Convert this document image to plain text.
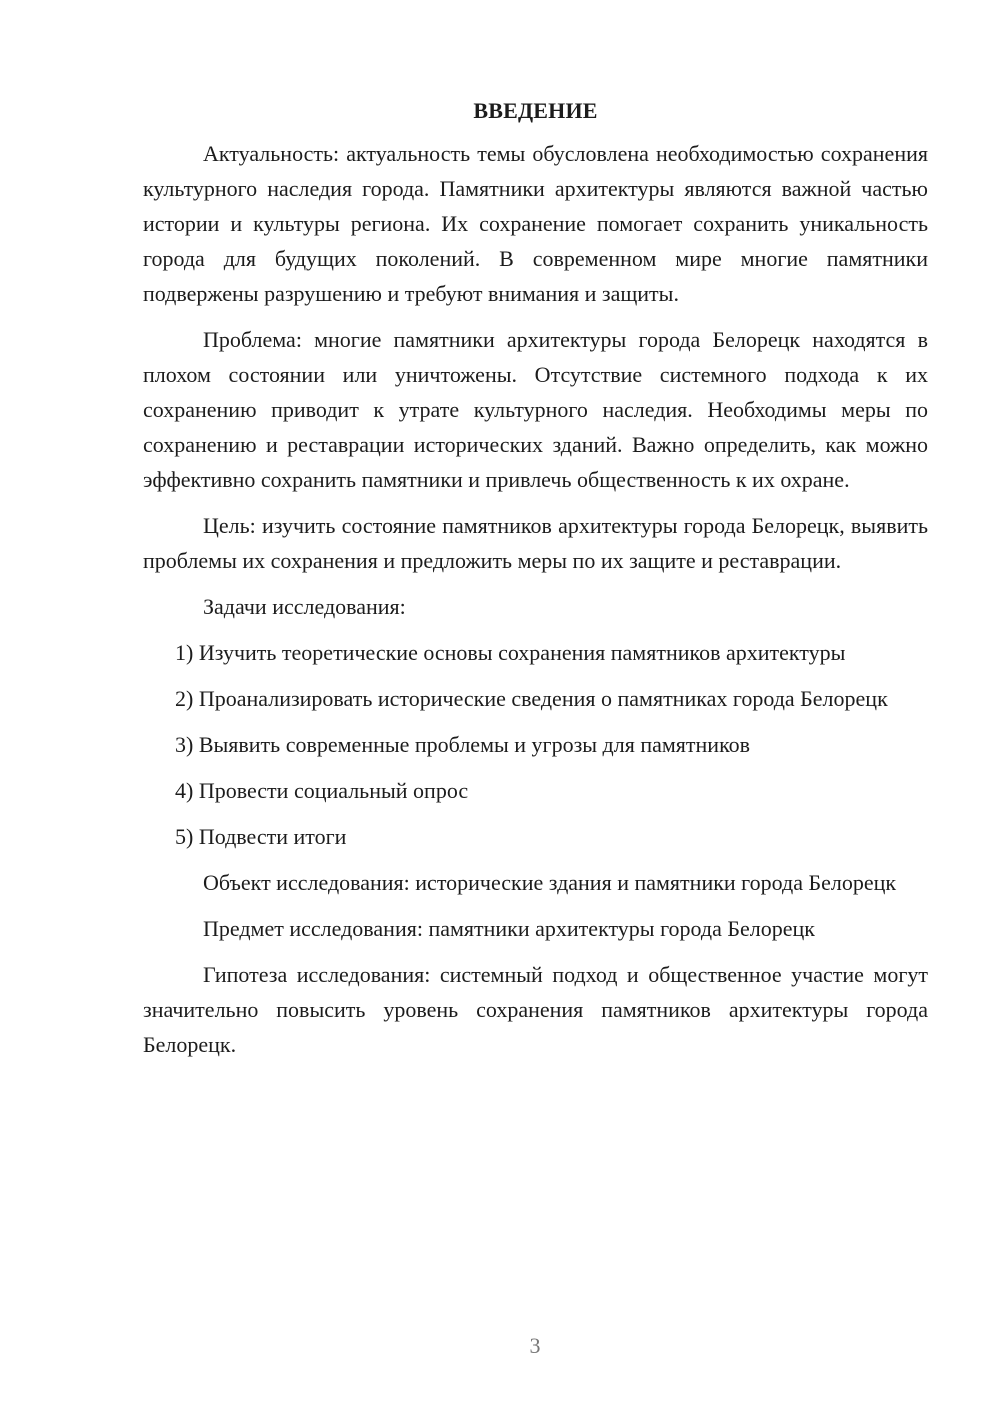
ВВЕДЕНИЕ

Актуальность: актуальность темы обусловлена необходимостью сохранения культурного наследия города. Памятники архитектуры являются важной частью истории и культуры региона. Их сохранение помогает сохранить уникальность города для будущих поколений. В современном мире многие памятники подвержены разрушению и требуют внимания и защиты.

Проблема: многие памятники архитектуры города Белорецк находятся в плохом состоянии или уничтожены. Отсутствие системного подхода к их сохранению приводит к утрате культурного наследия. Необходимы меры по сохранению и реставрации исторических зданий. Важно определить, как можно эффективно сохранить памятники и привлечь общественность к их охране.

Цель: изучить состояние памятников архитектуры города Белорецк, выявить проблемы их сохранения и предложить меры по их защите и реставрации.

Задачи исследования:

1) Изучить теоретические основы сохранения памятников архитектуры

2) Проанализировать исторические сведения о памятниках города Белорецк

3) Выявить современные проблемы и угрозы для памятников

4) Провести социальный опрос

5) Подвести итоги

Объект исследования: исторические здания и памятники города Белорецк

Предмет исследования: памятники архитектуры города Белорецк

Гипотеза исследования: системный подход и общественное участие могут значительно повысить уровень сохранения памятников архитектуры города Белорецк.

3
